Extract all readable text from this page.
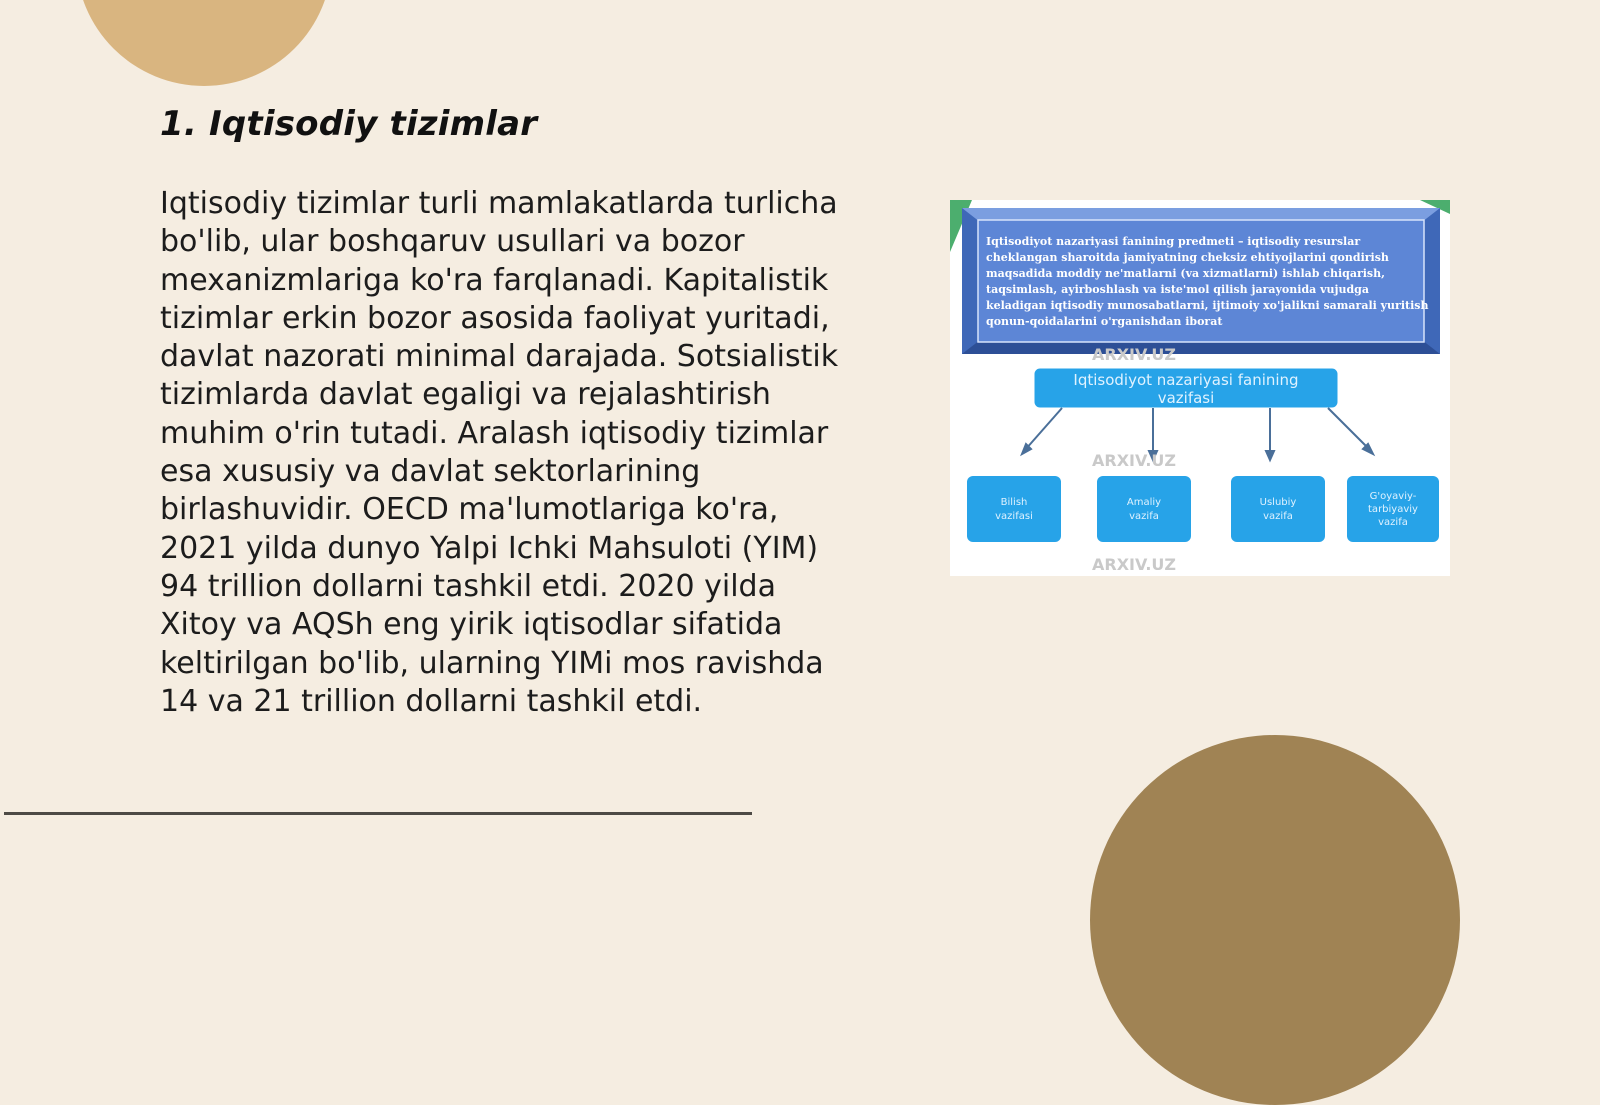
1. Iqtisodiy tizimlar

Iqtisodiy tizimlar turli mamlakatlarda turlicha bo'lib, ular boshqaruv usullari va bozor mexanizmlariga ko'ra farqlanadi. Kapitalistik tizimlar erkin bozor asosida faoliyat yuritadi, davlat nazorati minimal darajada. Sotsialistik tizimlarda davlat egaligi va rejalashtirish muhim o'rin tutadi. Aralash iqtisodiy tizimlar esa xususiy va davlat sektorlarining birlashuvidir. OECD ma'lumotlariga ko'ra, 2021 yilda dunyo Yalpi Ichki Mahsuloti (YIM) 94 trillion dollarni tashkil etdi. 2020 yilda Xitoy va AQSh eng yirik iqtisodlar sifatida keltirilgan bo'lib, ularning YIMi mos ravishda 14 va 21 trillion dollarni tashkil etdi.

Iqtisodiyot nazariyasi fanining predmeti – iqtisodiy resurslar
cheklangan sharoitda jamiyatning cheksiz ehtiyojlarini qondirish
maqsadida moddiy ne'matlarni (va xizmatlarni) ishlab chiqarish,
taqsimlash, ayirboshlash va iste'mol qilish jarayonida vujudga
keladigan iqtisodiy munosabatlarni, ijtimoiy xo'jalikni samarali yuritish
qonun-qoidalarini o'rganishdan iborat
ARXIV.UZ
Iqtisodiyot nazariyasi fanining
vazifasi
ARXIV.UZ
Bilish
vazifasi
Amaliy
vazifa
Uslubiy
vazifa
G'oyaviy-
tarbiyaviy
vazifa
ARXIV.UZ
